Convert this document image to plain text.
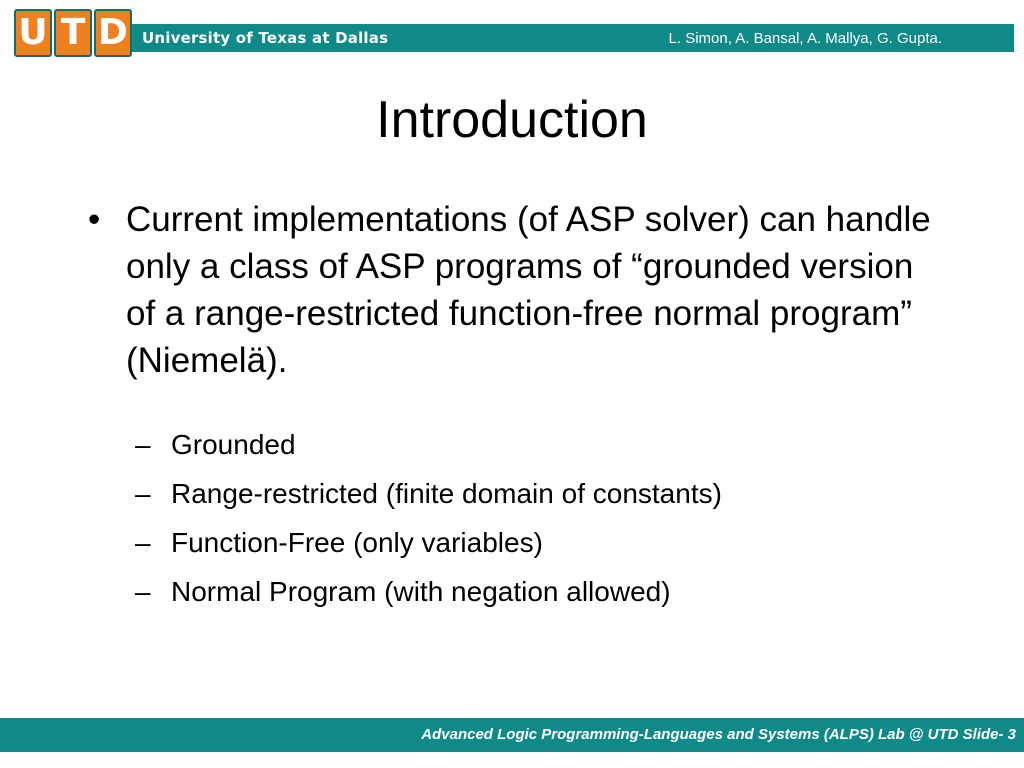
University of Texas at Dallas	L. Simon, A. Bansal, A. Mallya, G. Gupta.
U T D
Introduction
• Current implementations (of ASP solver) can handle only a class of ASP programs of “grounded version of a range-restricted function-free normal program” (Niemelä).
– Grounded
– Range-restricted (finite domain of constants)
– Function-Free (only variables)
– Normal Program (with negation allowed)
Advanced Logic Programming-Languages and Systems (ALPS) Lab @ UTD Slide- 3
